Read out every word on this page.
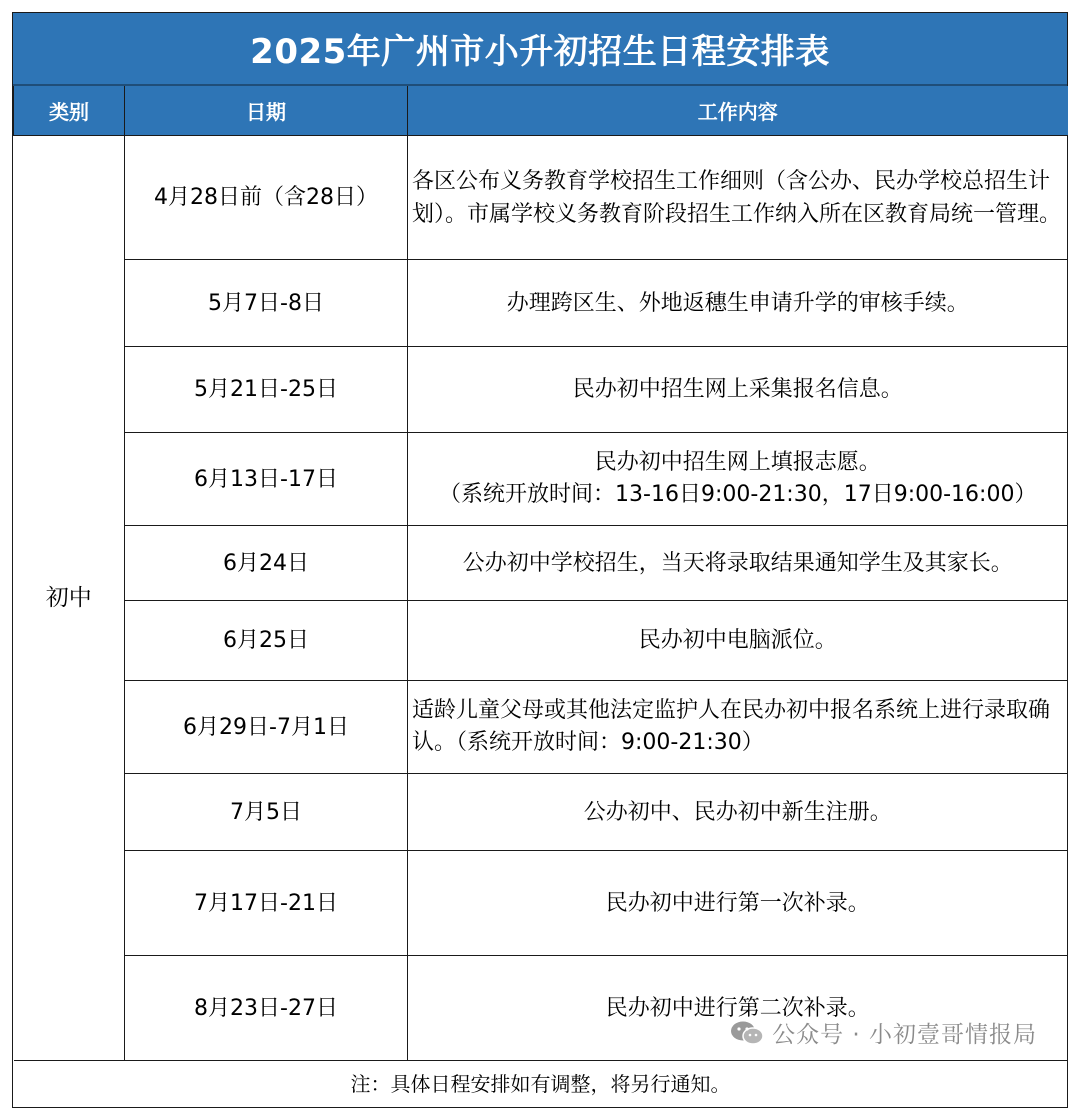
2025年广州市小升初招生日程安排表
类别	日期	工作内容
初中	4月28日前（含28日）	各区公布义务教育学校招生工作细则（含公办、民办学校总招生计划）。市属学校义务教育阶段招生工作纳入所在区教育局统一管理。
	5月7日-8日	办理跨区生、外地返穗生申请升学的审核手续。
	5月21日-25日	民办初中招生网上采集报名信息。
	6月13日-17日	民办初中招生网上填报志愿。
（系统开放时间：13-16日9:00-21:30，17日9:00-16:00）

	6月24日	公办初中学校招生，当天将录取结果通知学生及其家长。
	6月25日	民办初中电脑派位。
	6月29日-7月1日	适龄儿童父母或其他法定监护人在民办初中报名系统上进行录取确认。（系统开放时间：9:00-21:30）
	7月5日	公办初中、民办初中新生注册。
	7月17日-21日	民办初中进行第一次补录。
	8月23日-27日	民办初中进行第二次补录。
注：具体日程安排如有调整，将另行通知。		
公众号 · 小初壹哥情报局
